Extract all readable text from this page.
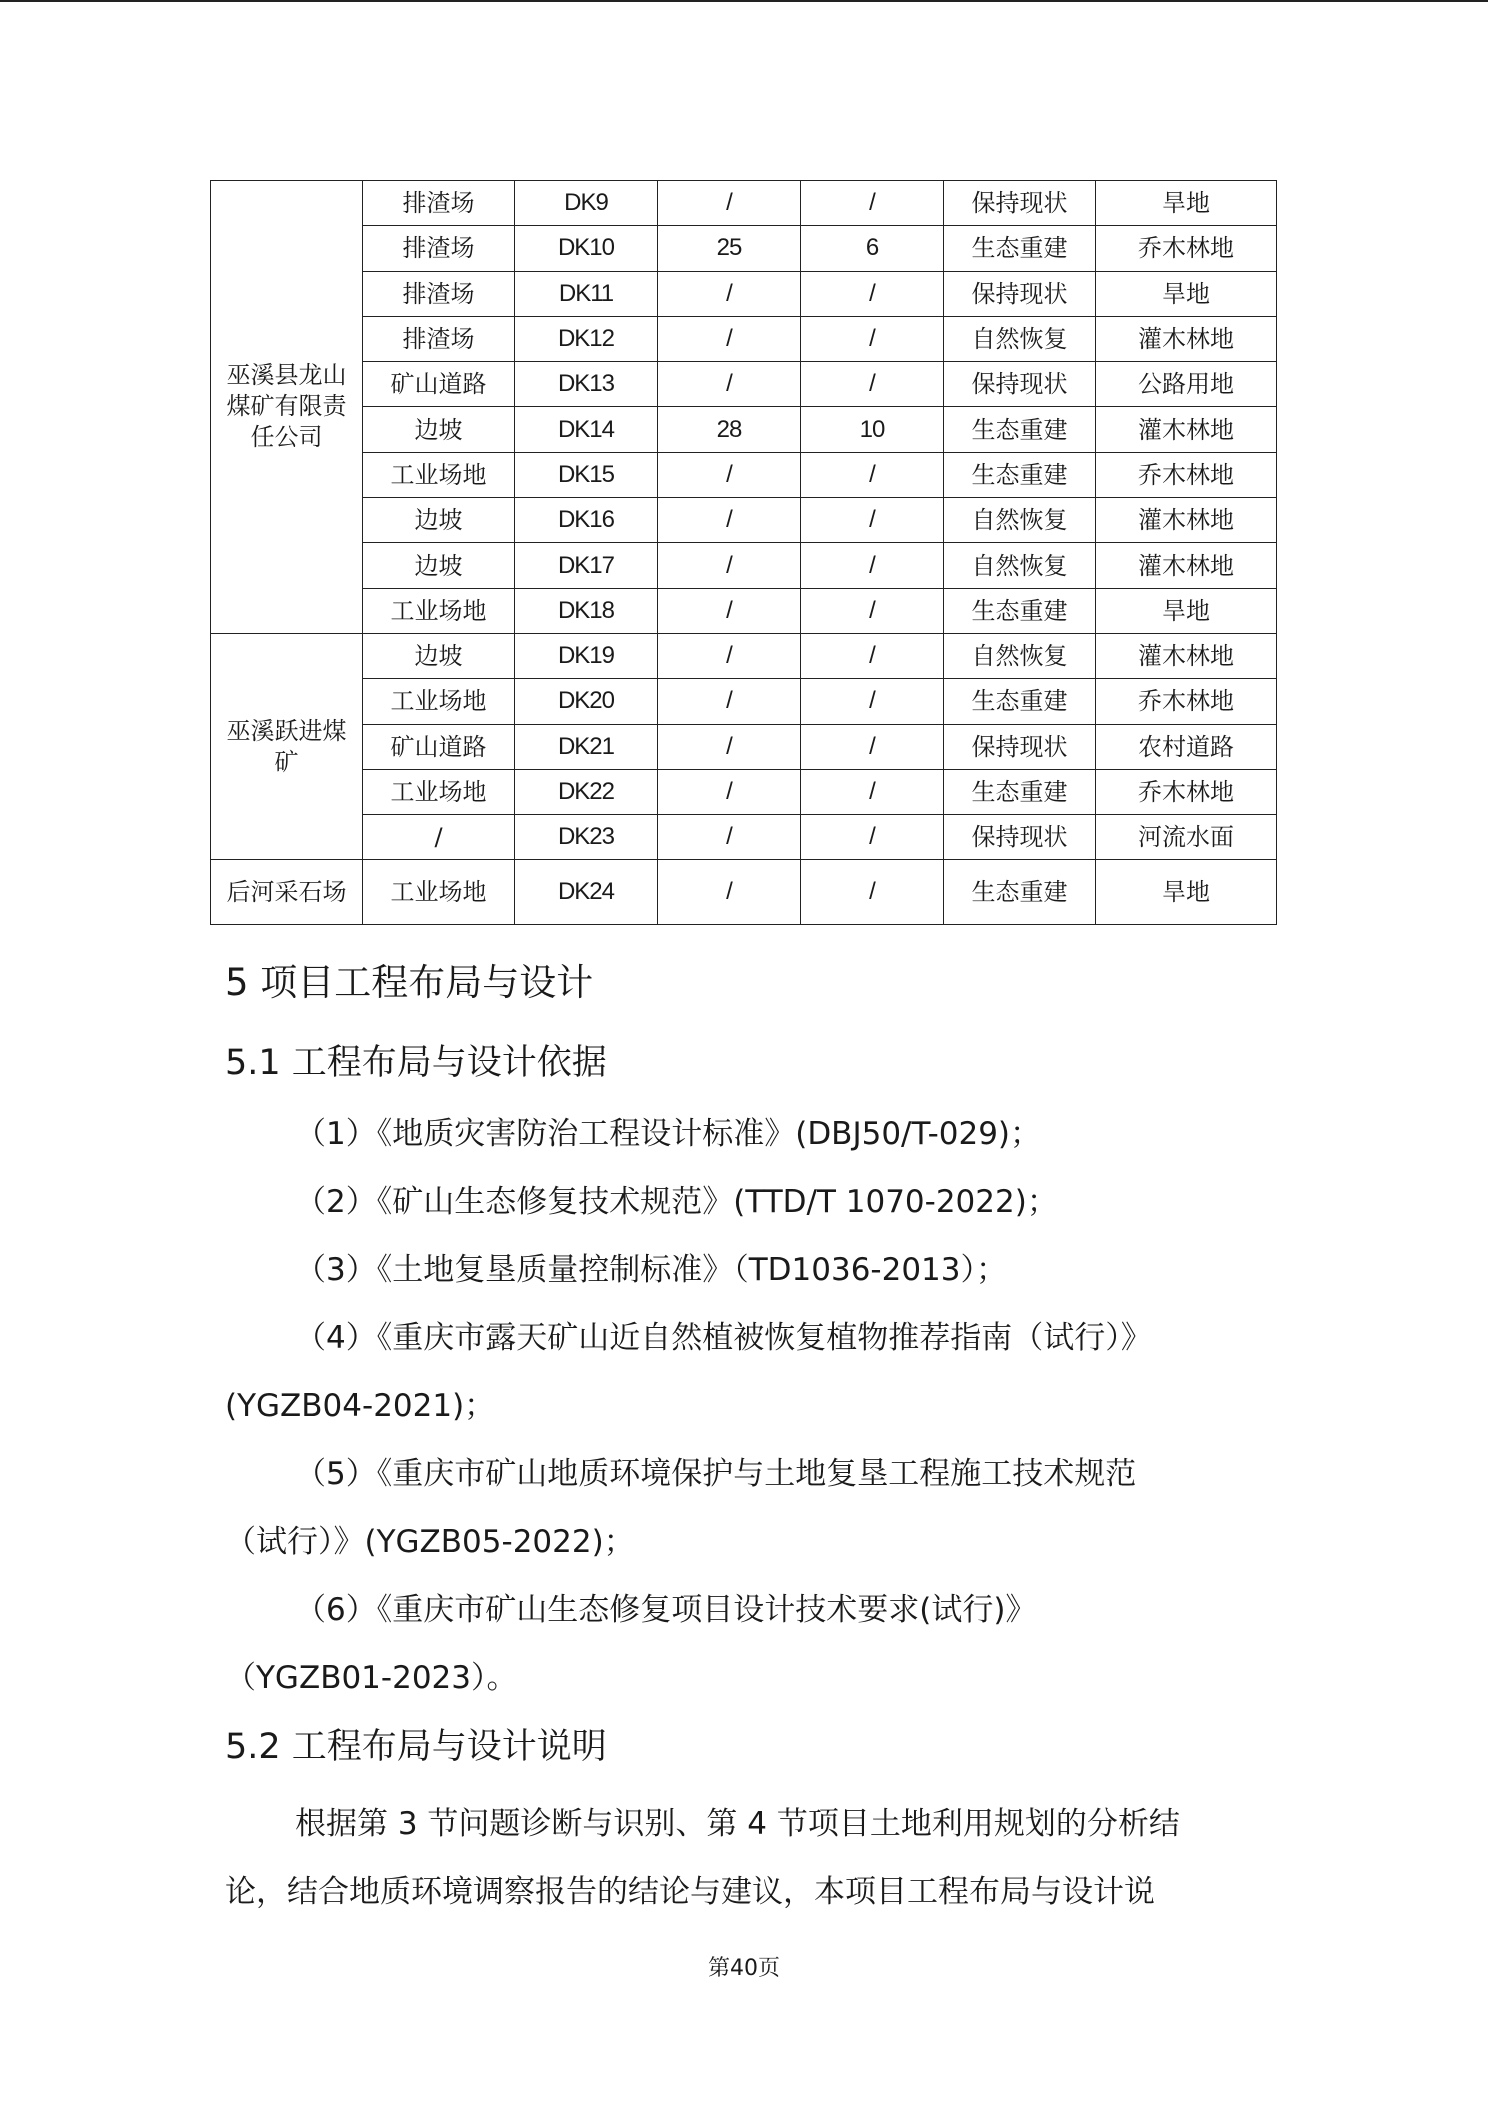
巫溪县龙山煤矿有限责任公司	排渣场	DK9	/	/	保持现状	旱地
	排渣场	DK10	25	6	生态重建	乔木林地
	排渣场	DK11	/	/	保持现状	旱地
	排渣场	DK12	/	/	自然恢复	灌木林地
	矿山道路	DK13	/	/	保持现状	公路用地
	边坡	DK14	28	10	生态重建	灌木林地
	工业场地	DK15	/	/	生态重建	乔木林地
	边坡	DK16	/	/	自然恢复	灌木林地
	边坡	DK17	/	/	自然恢复	灌木林地
	工业场地	DK18	/	/	生态重建	旱地
巫溪跃进煤矿	边坡	DK19	/	/	自然恢复	灌木林地
	工业场地	DK20	/	/	生态重建	乔木林地
	矿山道路	DK21	/	/	保持现状	农村道路
	工业场地	DK22	/	/	生态重建	乔木林地
	/	DK23	/	/	保持现状	河流水面
后河采石场	工业场地	DK24	/	/	生态重建	旱地
5 项目工程布局与设计
5.1 工程布局与设计依据
（1）《地质灾害防治工程设计标准》(DBJ50/T-029)；
（2）《矿山生态修复技术规范》(TTD/T 1070-2022)；
（3）《土地复垦质量控制标准》（TD1036-2013）；
（4）《重庆市露天矿山近自然植被恢复植物推荐指南（试行）》
(YGZB04-2021)；
（5）《重庆市矿山地质环境保护与土地复垦工程施工技术规范
（试行）》(YGZB05-2022)；
（6）《重庆市矿山生态修复项目设计技术要求(试行)》
（YGZB01-2023）。
5.2 工程布局与设计说明
根据第 3 节问题诊断与识别、第 4 节项目土地利用规划的分析结
论，结合地质环境调察报告的结论与建议，本项目工程布局与设计说
第40页
